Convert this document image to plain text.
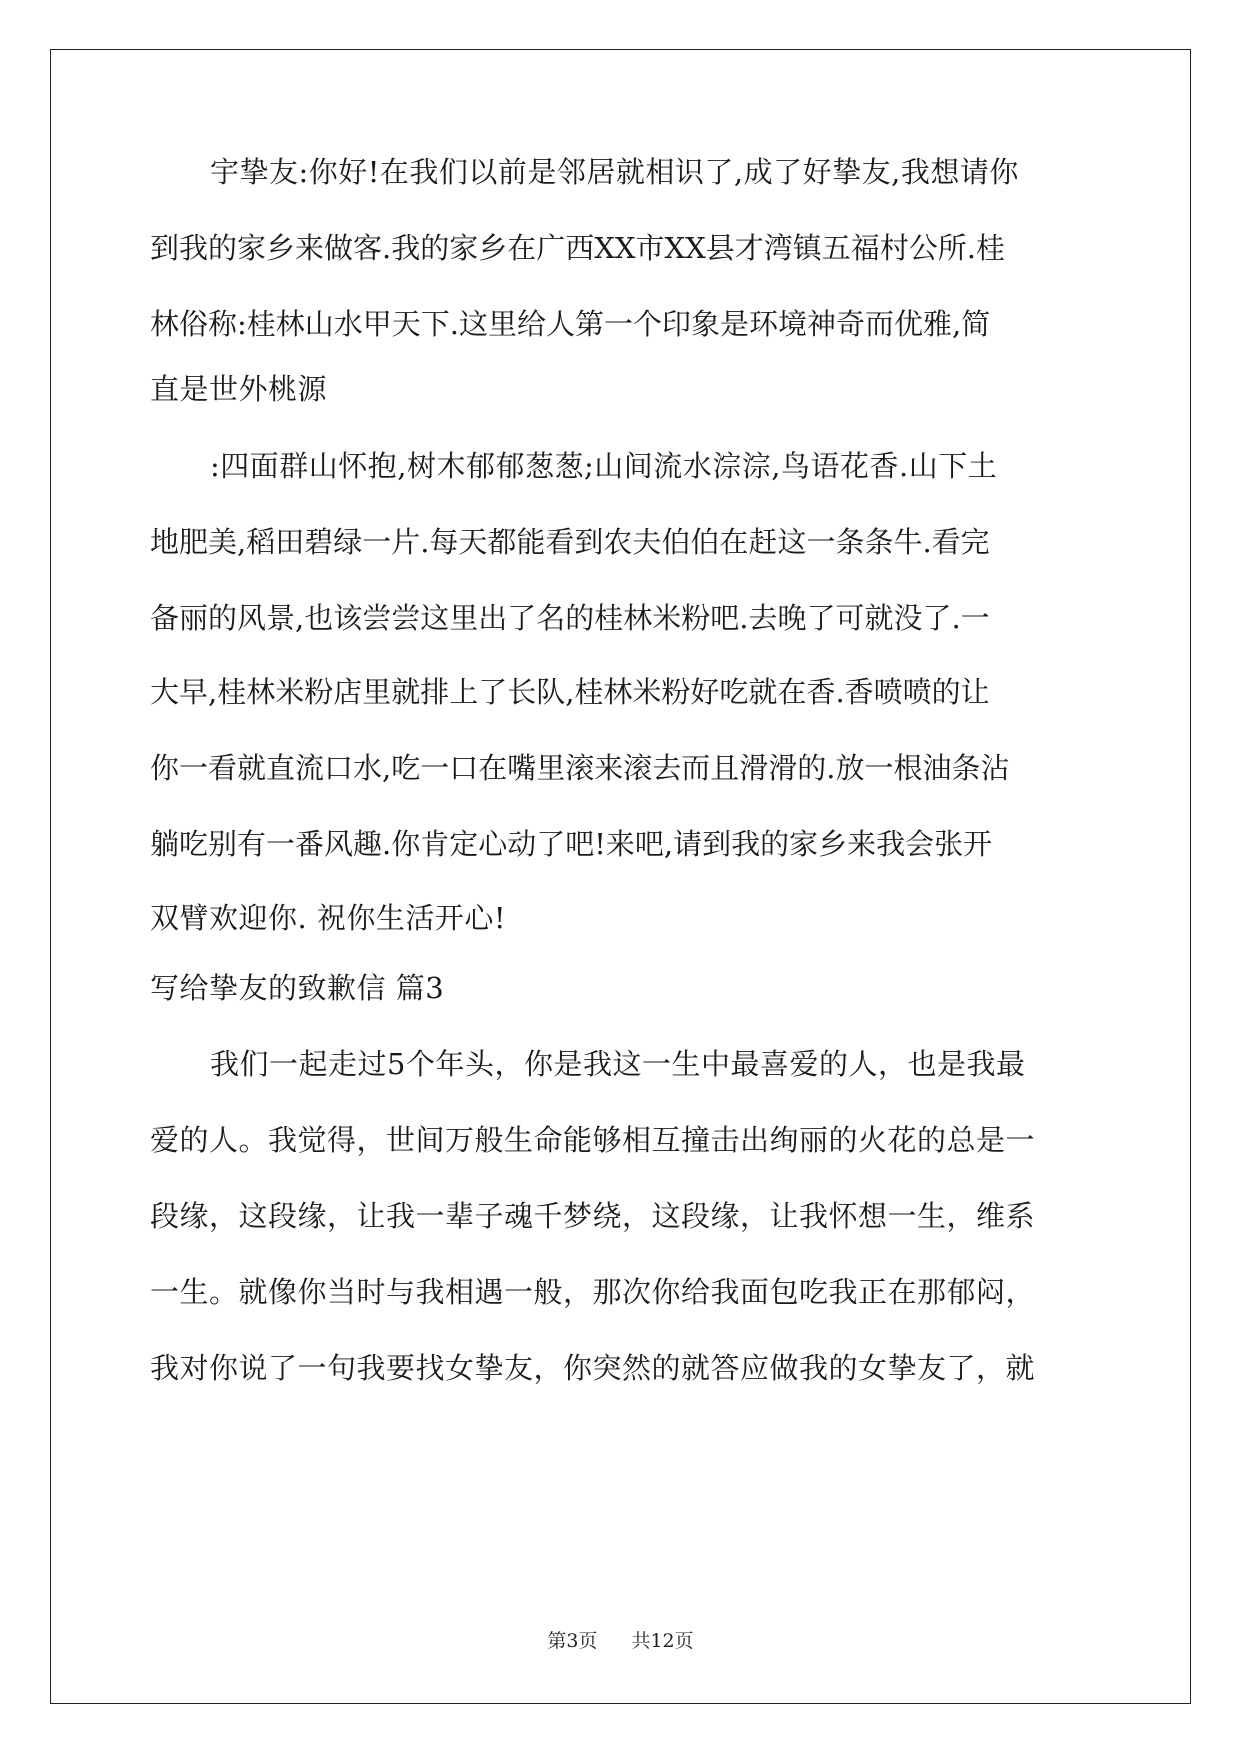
宇挚友:你好!在我们以前是邻居就相识了,成了好挚友,我想请你
到我的家乡来做客.我的家乡在广西XX市XX县才湾镇五福村公所.桂
林俗称:桂林山水甲天下.这里给人第一个印象是环境神奇而优雅,简
直是世外桃源
:四面群山怀抱,树木郁郁葱葱;山间流水淙淙,鸟语花香.山下土
地肥美,稻田碧绿一片.每天都能看到农夫伯伯在赶这一条条牛.看完
备丽的风景,也该尝尝这里出了名的桂林米粉吧.去晚了可就没了.一
大早,桂林米粉店里就排上了长队,桂林米粉好吃就在香.香喷喷的让
你一看就直流口水,吃一口在嘴里滚来滚去而且滑滑的.放一根油条沾
躺吃别有一番风趣.你肯定心动了吧!来吧,请到我的家乡来我会张开
双臂欢迎你. 祝你生活开心!
写给挚友的致歉信 篇3
我们一起走过5个年头，你是我这一生中最喜爱的人，也是我最
爱的人。我觉得，世间万般生命能够相互撞击出绚丽的火花的总是一
段缘，这段缘，让我一辈子魂千梦绕，这段缘，让我怀想一生，维系
一生。就像你当时与我相遇一般，那次你给我面包吃我正在那郁闷，
我对你说了一句我要找女挚友，你突然的就答应做我的女挚友了，就
第3页 共12页
